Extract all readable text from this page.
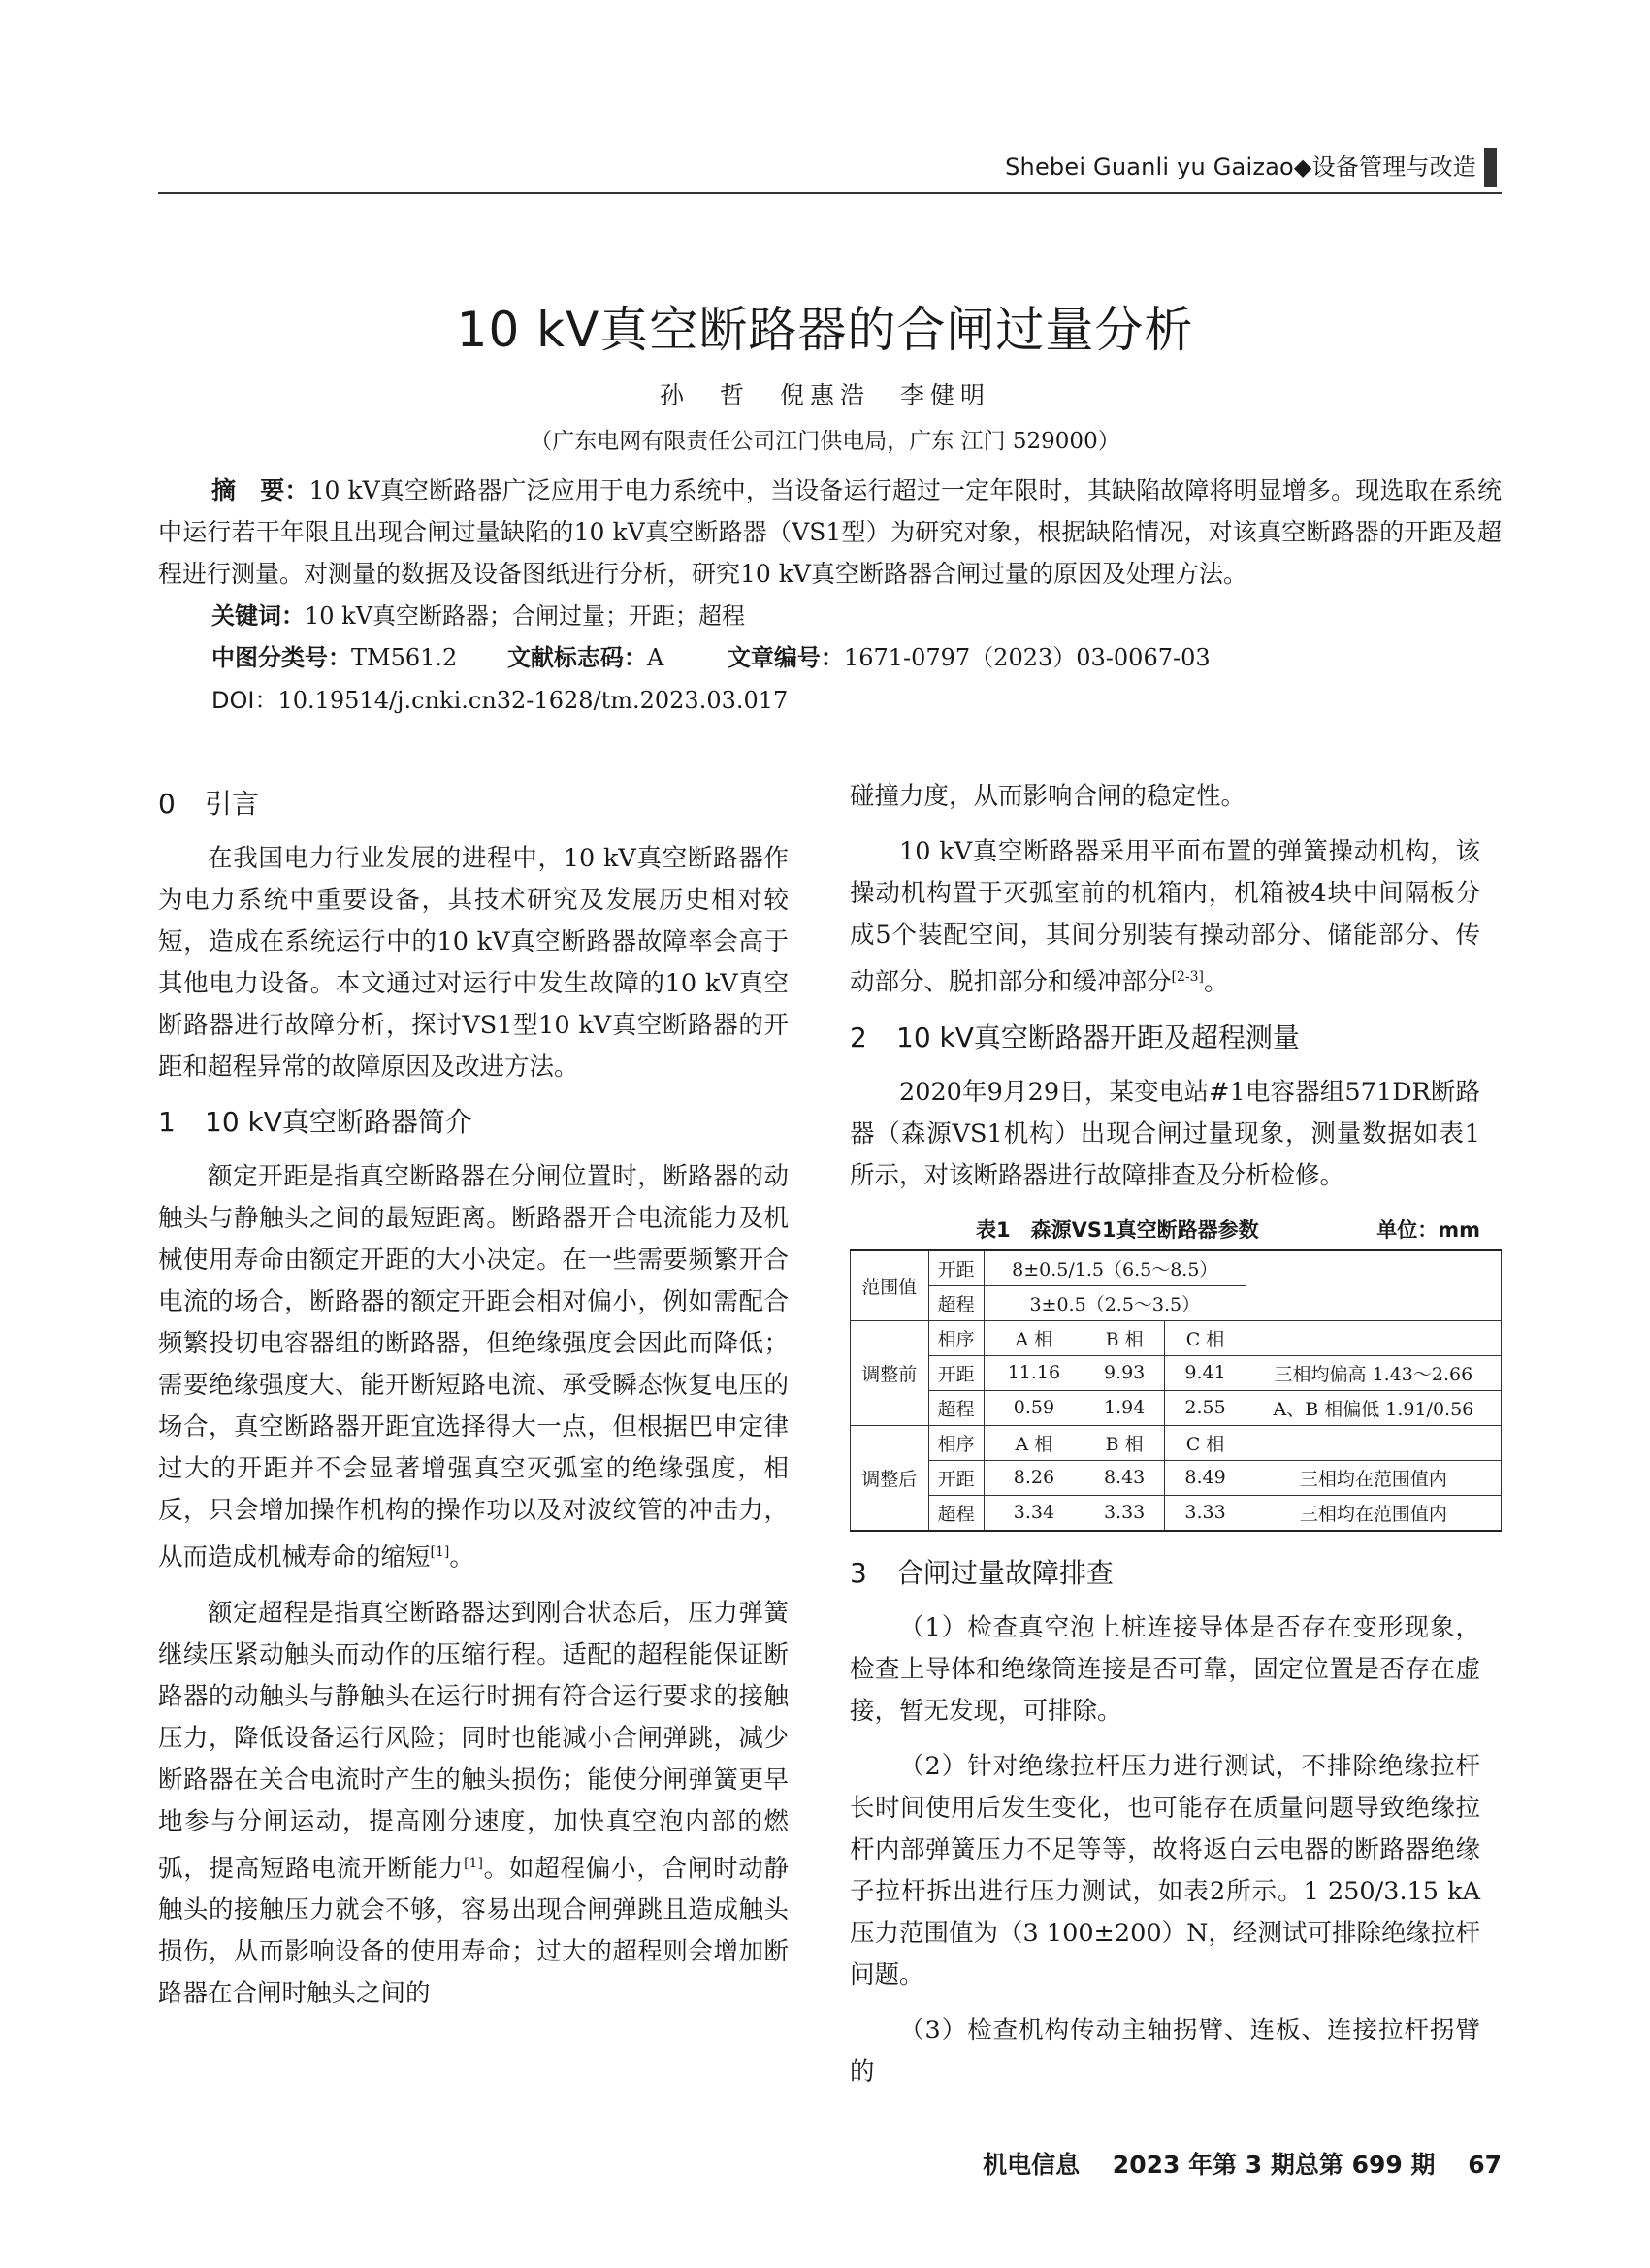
Shebei Guanli yu Gaizao◆设备管理与改造
10 kV真空断路器的合闸过量分析
孙　哲　倪惠浩　李健明
（广东电网有限责任公司江门供电局，广东 江门 529000）
摘　要：10 kV真空断路器广泛应用于电力系统中，当设备运行超过一定年限时，其缺陷故障将明显增多。现选取在系统中运行若干年限且出现合闸过量缺陷的10 kV真空断路器（VS1型）为研究对象，根据缺陷情况，对该真空断路器的开距及超程进行测量。对测量的数据及设备图纸进行分析，研究10 kV真空断路器合闸过量的原因及处理方法。
关键词：10 kV真空断路器；合闸过量；开距；超程
中图分类号：TM561.2 文献标志码：A	文章编号：1671-0797（2023）03-0067-03
DOI：10.19514/j.cnki.cn32-1628/tm.2023.03.017
0 引言

在我国电力行业发展的进程中，10 kV真空断路器作为电力系统中重要设备，其技术研究及发展历史相对较短，造成在系统运行中的10 kV真空断路器故障率会高于其他电力设备。本文通过对运行中发生故障的10 kV真空断路器进行故障分析，探讨VS1型10 kV真空断路器的开距和超程异常的故障原因及改进方法。

1 10 kV真空断路器简介

额定开距是指真空断路器在分闸位置时，断路器的动触头与静触头之间的最短距离。断路器开合电流能力及机械使用寿命由额定开距的大小决定。在一些需要频繁开合电流的场合，断路器的额定开距会相对偏小，例如需配合频繁投切电容器组的断路器，但绝缘强度会因此而降低；需要绝缘强度大、能开断短路电流、承受瞬态恢复电压的场合，真空断路器开距宜选择得大一点，但根据巴申定律过大的开距并不会显著增强真空灭弧室的绝缘强度，相反，只会增加操作机构的操作功以及对波纹管的冲击力，从而造成机械寿命的缩短[1]。

额定超程是指真空断路器达到刚合状态后，压力弹簧继续压紧动触头而动作的压缩行程。适配的超程能保证断路器的动触头与静触头在运行时拥有符合运行要求的接触压力，降低设备运行风险；同时也能减小合闸弹跳，减少断路器在关合电流时产生的触头损伤；能使分闸弹簧更早地参与分闸运动，提高刚分速度，加快真空泡内部的燃弧，提高短路电流开断能力[1]。如超程偏小，合闸时动静触头的接触压力就会不够，容易出现合闸弹跳且造成触头损伤，从而影响设备的使用寿命；过大的超程则会增加断路器在合闸时触头之间的

碰撞力度，从而影响合闸的稳定性。

10 kV真空断路器采用平面布置的弹簧操动机构，该操动机构置于灭弧室前的机箱内，机箱被4块中间隔板分成5个装配空间，其间分别装有操动部分、储能部分、传动部分、脱扣部分和缓冲部分[2-3]。

2 10 kV真空断路器开距及超程测量

2020年9月29日，某变电站#1电容器组571DR断路器（森源VS1机构）出现合闸过量现象，测量数据如表1所示，对该断路器进行故障排查及分析检修。

表1　森源VS1真空断路器参数	单位：mm
范围值	开距	8±0.5/1.5（6.5～8.5）			
	超程	3±0.5（2.5～3.5）			
调整前	相序	A 相	B 相	C 相	
	开距	11.16	9.93	9.41	三相均偏高 1.43～2.66
	超程	0.59	1.94	2.55	A、B 相偏低 1.91/0.56
调整后	相序	A 相	B 相	C 相	
	开距	8.26	8.43	8.49	三相均在范围值内
	超程	3.34	3.33	3.33	三相均在范围值内
3 合闸过量故障排查

（1）检查真空泡上桩连接导体是否存在变形现象，检查上导体和绝缘筒连接是否可靠，固定位置是否存在虚接，暂无发现，可排除。

（2）针对绝缘拉杆压力进行测试，不排除绝缘拉杆长时间使用后发生变化，也可能存在质量问题导致绝缘拉杆内部弹簧压力不足等等，故将返白云电器的断路器绝缘子拉杆拆出进行压力测试，如表2所示。1 250/3.15 kA压力范围值为（3 100±200）N，经测试可排除绝缘拉杆问题。

（3）检查机构传动主轴拐臂、连板、连接拉杆拐臂的

机电信息　 2023 年第 3 期总第 699 期　 67
